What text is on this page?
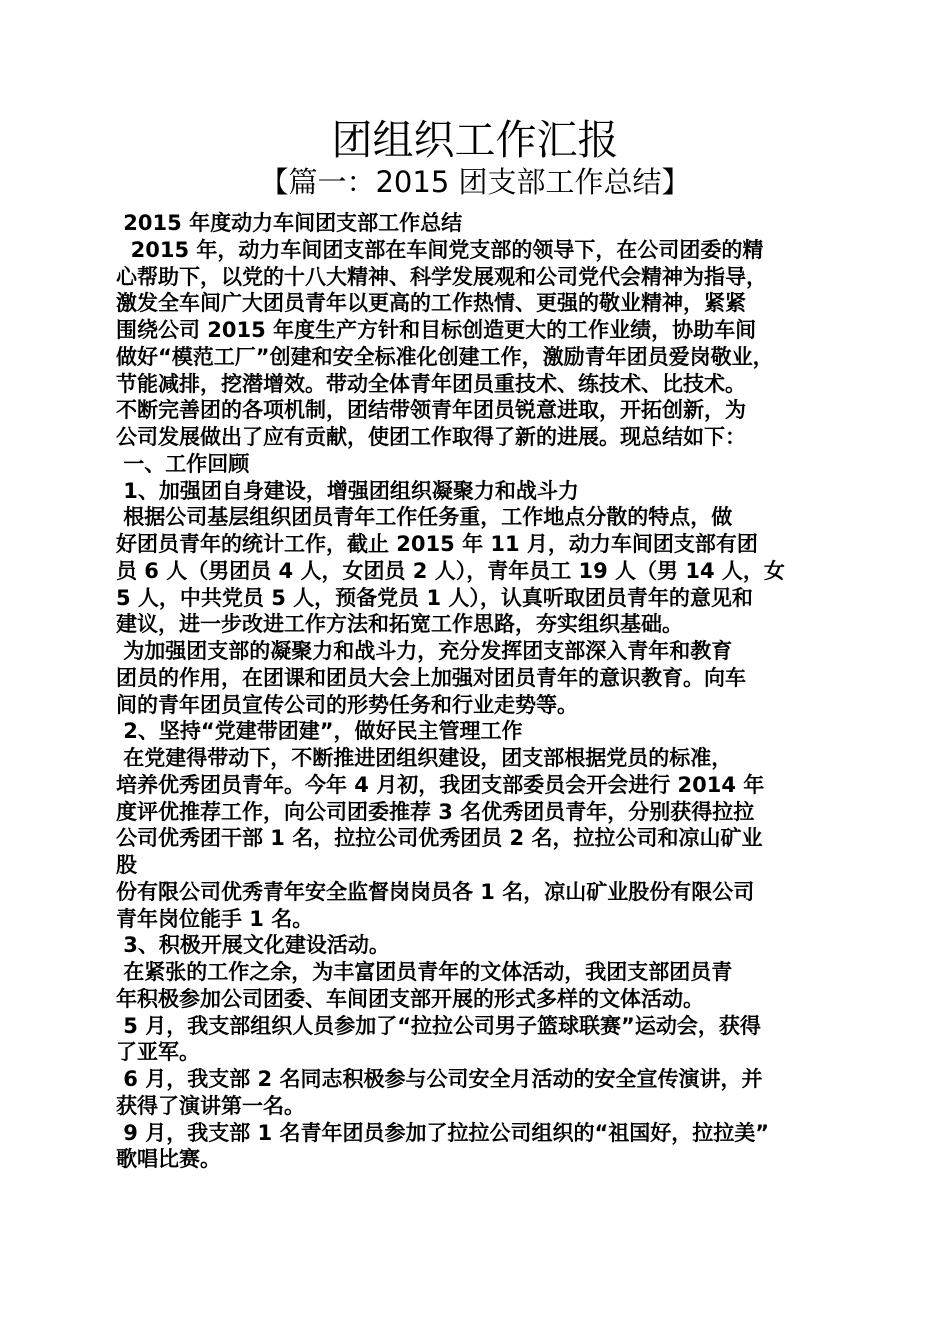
团组织工作汇报
【篇一：2015 团支部工作总结】
2015 年度动力车间团支部工作总结
2015 年，动力车间团支部在车间党支部的领导下，在公司团委的精
心帮助下，以党的十八大精神、科学发展观和公司党代会精神为指导，
激发全车间广大团员青年以更高的工作热情、更强的敬业精神，紧紧
围绕公司 2015 年度生产方针和目标创造更大的工作业绩，协助车间
做好“模范工厂”创建和安全标准化创建工作，激励青年团员爱岗敬业，
节能减排，挖潜增效。带动全体青年团员重技术、练技术、比技术。
不断完善团的各项机制，团结带领青年团员锐意进取，开拓创新，为
公司发展做出了应有贡献，使团工作取得了新的进展。现总结如下：
一、工作回顾
1、加强团自身建设，增强团组织凝聚力和战斗力
根据公司基层组织团员青年工作任务重，工作地点分散的特点，做
好团员青年的统计工作，截止 2015 年 11 月，动力车间团支部有团
员 6 人（男团员 4 人，女团员 2 人），青年员工 19 人（男 14 人，女
5 人，中共党员 5 人，预备党员 1 人），认真听取团员青年的意见和
建议，进一步改进工作方法和拓宽工作思路，夯实组织基础。
为加强团支部的凝聚力和战斗力，充分发挥团支部深入青年和教育
团员的作用，在团课和团员大会上加强对团员青年的意识教育。向车
间的青年团员宣传公司的形势任务和行业走势等。
2、坚持“党建带团建”，做好民主管理工作
在党建得带动下，不断推进团组织建设，团支部根据党员的标准，
培养优秀团员青年。今年 4 月初，我团支部委员会开会进行 2014 年
度评优推荐工作，向公司团委推荐 3 名优秀团员青年，分别获得拉拉
公司优秀团干部 1 名，拉拉公司优秀团员 2 名，拉拉公司和凉山矿业
股
份有限公司优秀青年安全监督岗岗员各 1 名，凉山矿业股份有限公司
青年岗位能手 1 名。
3、积极开展文化建设活动。
在紧张的工作之余，为丰富团员青年的文体活动，我团支部团员青
年积极参加公司团委、车间团支部开展的形式多样的文体活动。
5 月，我支部组织人员参加了“拉拉公司男子篮球联赛”运动会，获得
了亚军。
6 月，我支部 2 名同志积极参与公司安全月活动的安全宣传演讲，并
获得了演讲第一名。
9 月，我支部 1 名青年团员参加了拉拉公司组织的“祖国好，拉拉美”
歌唱比赛。
